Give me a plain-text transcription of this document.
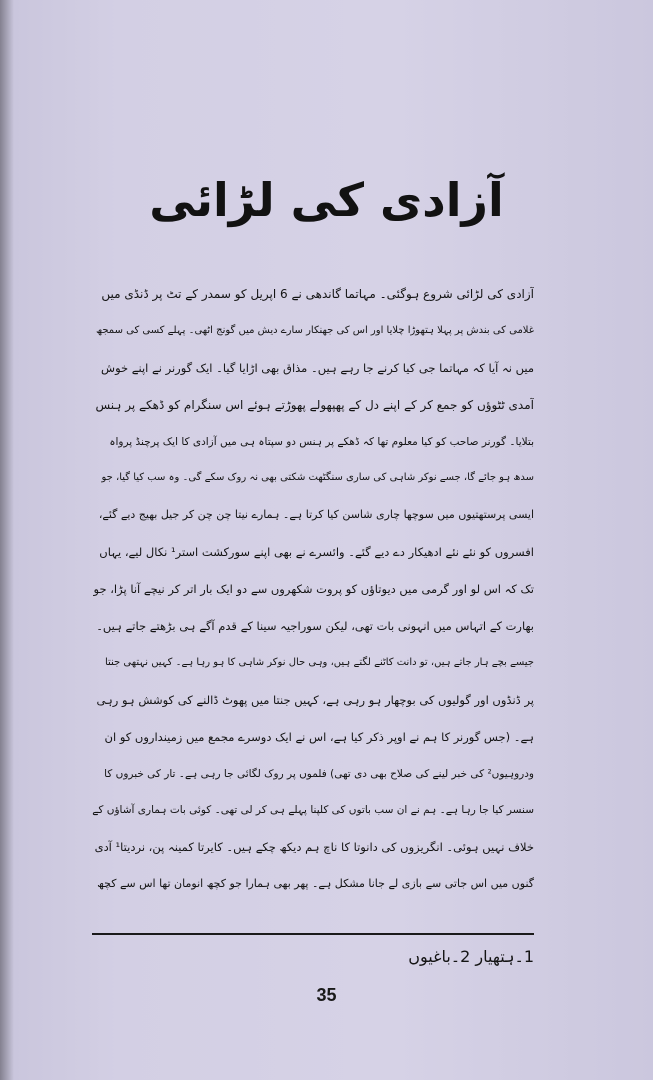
آزادی کی لڑائی
آزادی کی لڑائی شروع ہوگئی۔ مہاتما گاندھی نے 6 اپریل کو سمدر کے تٹ پر ڈنڈی میں
غلامی کی بندش پر پہلا ہتھوڑا چلایا اور اس کی جھنکار سارے دیش میں گونج اٹھی۔ پہلے کسی کی سمجھ
میں نہ آیا کہ مہاتما جی کیا کرنے جا رہے ہیں۔ مذاق بھی اڑایا گیا۔ ایک گورنر نے اپنے خوش
آمدی ٹٹوؤں کو جمع کر کے اپنے دل کے پھپھولے پھوڑتے ہوئے اس سنگرام کو ڈھکے پر ہنس
بتلایا۔ گورنر صاحب کو کیا معلوم تھا کہ ڈھکے پر ہنس دو سپتاہ ہی میں آزادی کا ایک پرچنڈ پرواہ
سدھ ہو جائے گا، جسے نوکر شاہی کی ساری سنگٹھت شکتی بھی نہ روک سکے گی۔ وہ سب کیا گیا، جو
ایسی پرستھتیوں میں سوچھا چاری شاسن کیا کرتا ہے۔ ہمارے نیتا چن چن کر جیل بھیج دیے گئے،
افسروں کو نئے نئے ادھیکار دے دیے گئے۔ وائسرے نے بھی اپنے سورکشت استر¹ نکال لیے، یہاں
تک کہ اس لو اور گرمی میں دیوتاؤں کو پروت شکھروں سے دو ایک بار اتر کر نیچے آنا پڑا، جو
بھارت کے اتہاس میں انہونی بات تھی، لیکن سوراجیہ سینا کے قدم آگے ہی بڑھتے جاتے ہیں۔
جیسے بچے ہار جاتے ہیں، تو دانت کاٹنے لگتے ہیں، وہی حال نوکر شاہی کا ہو رہا ہے۔ کہیں نہتھی جنتا
پر ڈنڈوں اور گولیوں کی بوچھار ہو رہی ہے، کہیں جنتا میں پھوٹ ڈالنے کی کوشش ہو رہی
ہے۔ (جس گورنر کا ہم نے اوپر ذکر کیا ہے، اس نے ایک دوسرے مجمع میں زمینداروں کو ان
ودروہیوں² کی خبر لینے کی صلاح بھی دی تھی) فلموں پر روک لگائی جا رہی ہے۔ تار کی خبروں کا
سنسر کیا جا رہا ہے۔ ہم نے ان سب باتوں کی کلپنا پہلے ہی کر لی تھی۔ کوئی بات ہماری آشاؤں کے
خلاف نہیں ہوئی۔ انگریزوں کی دانوتا کا ناچ ہم دیکھ چکے ہیں۔ کایرتا کمینہ پن، نردیتا¹ آدی
گنوں میں اس جاتی سے بازی لے جانا مشکل ہے۔ پھر بھی ہمارا جو کچھ انومان تھا اس سے کچھ
1۔ہتھیار 2۔باغیوں
35
